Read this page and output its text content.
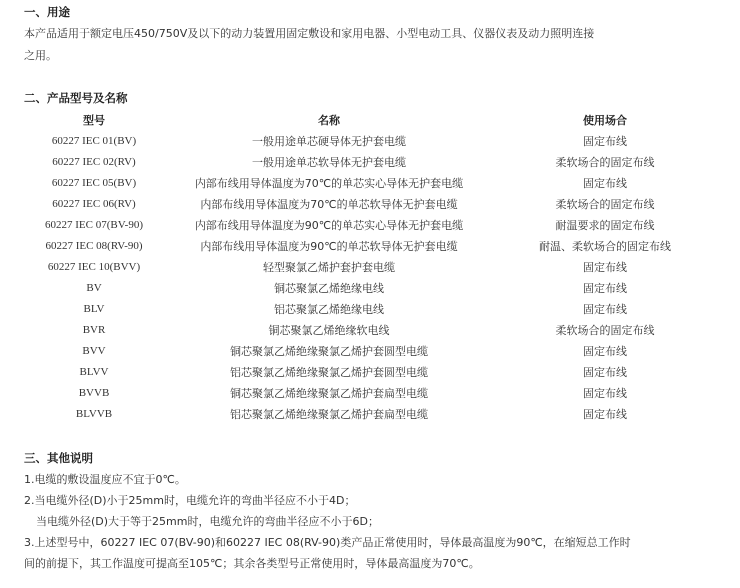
一、用途
本产品适用于额定电压450/750V及以下的动力装置用固定敷设和家用电器、小型电动工具、仪器仪表及动力照明连接
之用。
二、产品型号及名称
型号	名称	使用场合
60227 IEC 01(BV)	一般用途单芯硬导体无护套电缆	固定布线
60227 IEC 02(RV)	一般用途单芯软导体无护套电缆	柔软场合的固定布线
60227 IEC 05(BV)	内部布线用导体温度为70℃的单芯实心导体无护套电缆	固定布线
60227 IEC 06(RV)	内部布线用导体温度为70℃的单芯软导体无护套电缆	柔软场合的固定布线
60227 IEC 07(BV-90)	内部布线用导体温度为90℃的单芯实心导体无护套电缆	耐温要求的固定布线
60227 IEC 08(RV-90)	内部布线用导体温度为90℃的单芯软导体无护套电缆	耐温、柔软场合的固定布线
60227 IEC 10(BVV)	轻型聚氯乙烯护套护套电缆	固定布线
BV	铜芯聚氯乙烯绝缘电线	固定布线
BLV	铝芯聚氯乙烯绝缘电线	固定布线
BVR	铜芯聚氯乙烯绝缘软电线	柔软场合的固定布线
BVV	铜芯聚氯乙烯绝缘聚氯乙烯护套圆型电缆	固定布线
BLVV	铝芯聚氯乙烯绝缘聚氯乙烯护套圆型电缆	固定布线
BVVB	铜芯聚氯乙烯绝缘聚氯乙烯护套扁型电缆	固定布线
BLVVB	铝芯聚氯乙烯绝缘聚氯乙烯护套扁型电缆	固定布线
三、其他说明
1.电缆的敷设温度应不宜于0℃。
2.当电缆外径(D)小于25mm时，电缆允许的弯曲半径应不小于4D；
当电缆外径(D)大于等于25mm时，电缆允许的弯曲半径应不小于6D；
3.上述型号中，60227 IEC 07(BV-90)和60227 IEC 08(RV-90)类产品正常使用时，导体最高温度为90℃，在缩短总工作时
间的前提下，其工作温度可提高至105℃；其余各类型号正常使用时，导体最高温度为70℃。
